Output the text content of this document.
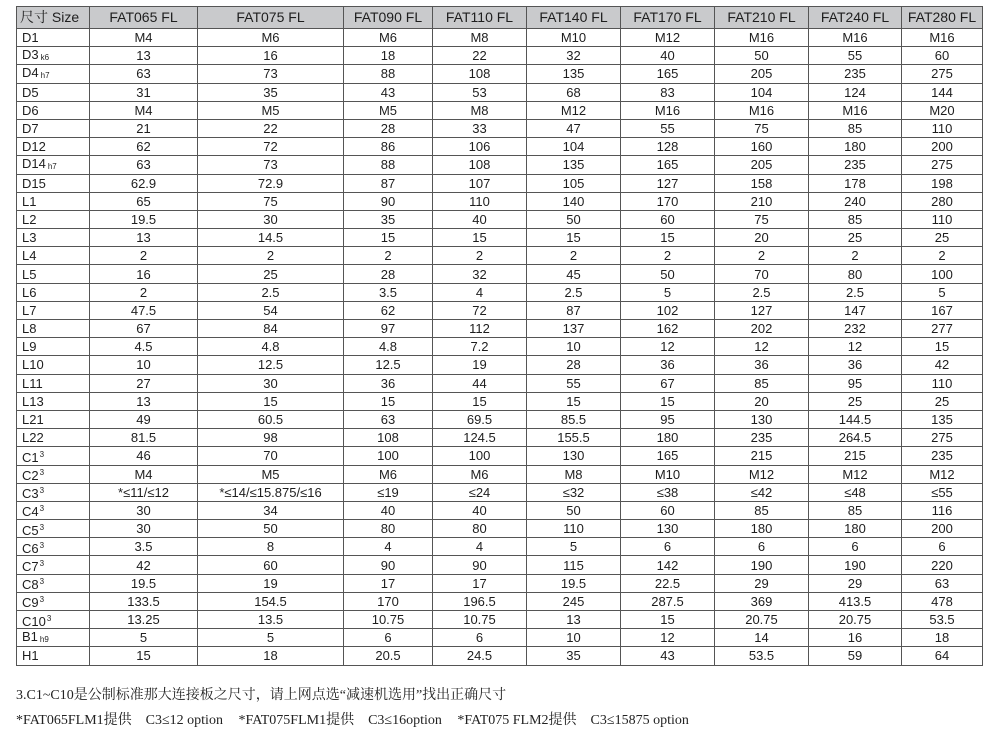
尺寸 Size	FAT065 FL	FAT075 FL	FAT090 FL	FAT110 FL	FAT140 FL	FAT170 FL	FAT210 FL	FAT240 FL	FAT280 FL
D1	M4	M6	M6	M8	M10	M12	M16	M16	M16
D3 $_{k6}$	13	16	18	22	32	40	50	55	60
D4 $_{h7}$	63	73	88	108	135	165	205	235	275
D5	31	35	43	53	68	83	104	124	144
D6	M4	M5	M5	M8	M12	M16	M16	M16	M20
D7	21	22	28	33	47	55	75	85	110
D12	62	72	86	106	104	128	160	180	200
D14 $_{h7}$	63	73	88	108	135	165	205	235	275
D15	62.9	72.9	87	107	105	127	158	178	198
L1	65	75	90	110	140	170	210	240	280
L2	19.5	30	35	40	50	60	75	85	110
L3	13	14.5	15	15	15	15	20	25	25
L4	2	2	2	2	2	2	2	2	2
L5	16	25	28	32	45	50	70	80	100
L6	2	2.5	3.5	4	2.5	5	2.5	2.5	5
L7	47.5	54	62	72	87	102	127	147	167
L8	67	84	97	112	137	162	202	232	277
L9	4.5	4.8	4.8	7.2	10	12	12	12	15
L10	10	12.5	12.5	19	28	36	36	36	42
L11	27	30	36	44	55	67	85	95	110
L13	13	15	15	15	15	15	20	25	25
L21	49	60.5	63	69.5	85.5	95	130	144.5	135
L22	81.5	98	108	124.5	155.5	180	235	264.5	275
$C1^3$	46	70	100	100	130	165	215	215	235
$C2^3$	M4	M5	M6	M6	M8	M10	M12	M12	M12
$C3^3$	*≤11/≤12	*≤14/≤15.875/≤16	≤19	≤24	≤32	≤38	≤42	≤48	≤55
$C4^3$	30	34	40	40	50	60	85	85	116
$C5^3$	30	50	80	80	110	130	180	180	200
$C6^3$	3.5	8	4	4	5	6	6	6	6
$C7^3$	42	60	90	90	115	142	190	190	220
$C8^3$	19.5	19	17	17	19.5	22.5	29	29	63
$C9^3$	133.5	154.5	170	196.5	245	287.5	369	413.5	478
$C10^3$	13.25	13.5	10.75	10.75	13	15	20.75	20.75	53.5
B1 $_{h9}$	5	5	6	6	10	12	14	16	18
H1	15	18	20.5	24.5	35	43	53.5	59	64

3.C1~C10是公制标准那大连接板之尺寸，请上网点选“减速机选用”找出正确尺寸

*FAT065FLM1提供　C3≤12 option *FAT075FLM1提供　C3≤16option *FAT075 FLM2提供　C3≤15875 option
